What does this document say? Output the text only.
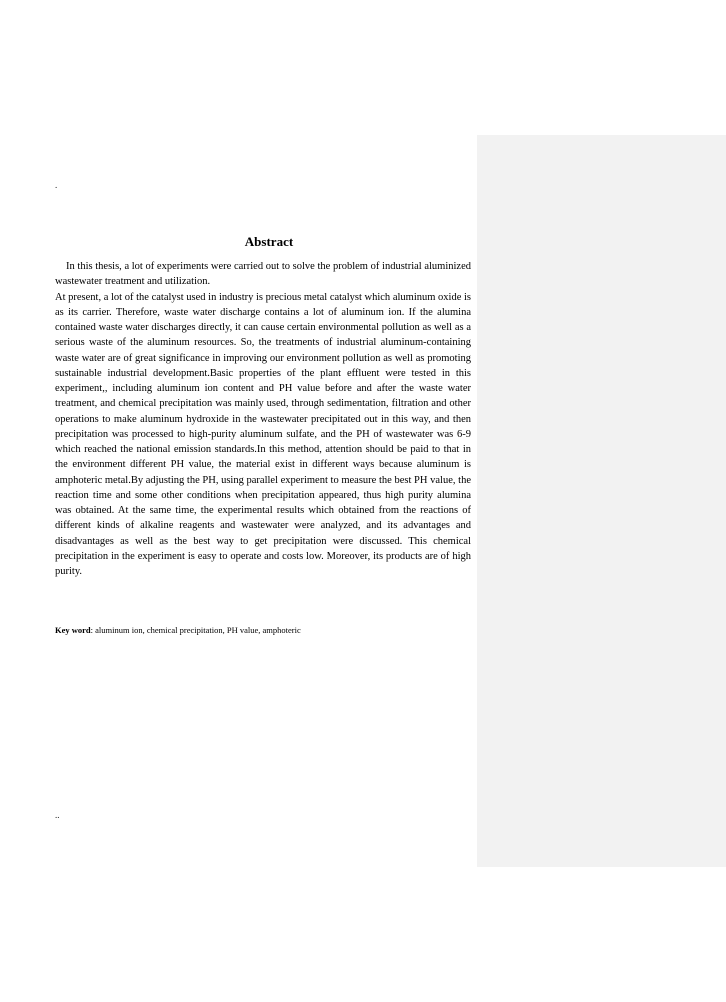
.
Abstract

In this thesis, a lot of experiments were carried out to solve the problem of industrial aluminized wastewater treatment and utilization.

At present, a lot of the catalyst used in industry is precious metal catalyst which aluminum oxide is as its carrier. Therefore, waste water discharge contains a lot of aluminum ion. If the alumina contained waste water discharges directly, it can cause certain environmental pollution as well as a serious waste of the aluminum resources. So, the treatments of industrial aluminum-containing waste water are of great significance in improving our environment pollution as well as promoting sustainable industrial development.Basic properties of the plant effluent were tested in this experiment,, including aluminum ion content and PH value before and after the waste water treatment, and chemical precipitation was mainly used, through sedimentation, filtration and other operations to make aluminum hydroxide in the wastewater precipitated out in this way, and then precipitation was processed to high-purity aluminum sulfate, and the PH of wastewater was 6-9 which reached the national emission standards.In this method, attention should be paid to that in the environment different PH value, the material exist in different ways because aluminum is amphoteric metal.By adjusting the PH, using parallel experiment to measure the best PH value, the reaction time and some other conditions when precipitation appeared, thus high purity alumina was obtained. At the same time, the experimental results which obtained from the reactions of different kinds of alkaline reagents and wastewater were analyzed, and its advantages and disadvantages as well as the best way to get precipitation were discussed. This chemical precipitation in the experiment is easy to operate and costs low. Moreover, its products are of high purity.

Key word: aluminum ion, chemical precipitation, PH value, amphoteric
..
